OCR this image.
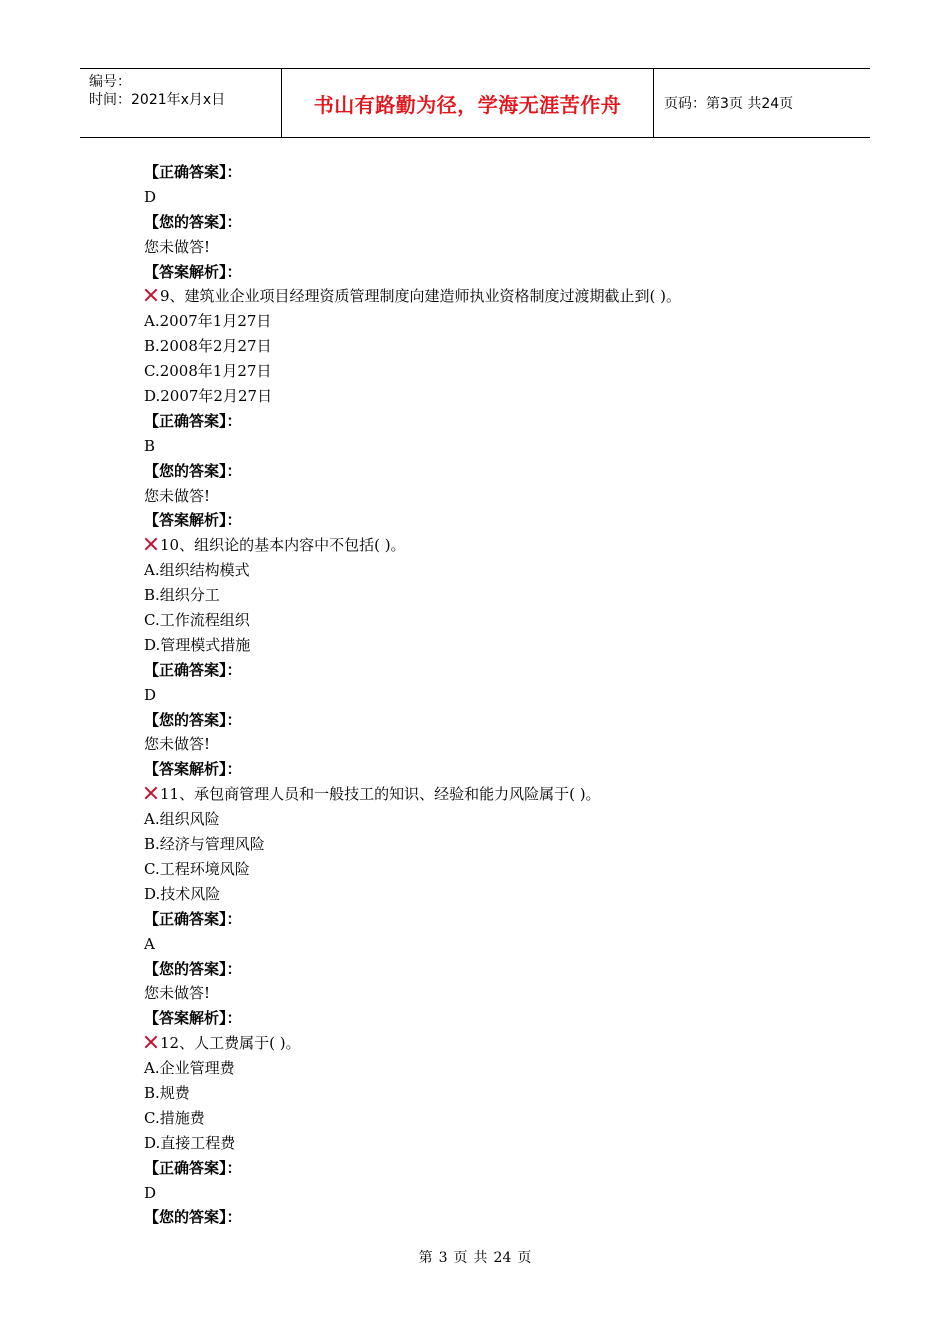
编号：
时间：2021年x月x日	书山有路勤为径，学海无涯苦作舟	页码：第3页 共24页
【正确答案】：
D
【您的答案】：
您未做答!
【答案解析】：
9、建筑业企业项目经理资质管理制度向建造师执业资格制度过渡期截止到( )。
A.2007年1月27日
B.2008年2月27日
C.2008年1月27日
D.2007年2月27日
【正确答案】：
B
【您的答案】：
您未做答!
【答案解析】：
10、组织论的基本内容中不包括( )。
A.组织结构模式
B.组织分工
C.工作流程组织
D.管理模式措施
【正确答案】：
D
【您的答案】：
您未做答!
【答案解析】：
11、承包商管理人员和一般技工的知识、经验和能力风险属于( )。
A.组织风险
B.经济与管理风险
C.工程环境风险
D.技术风险
【正确答案】：
A
【您的答案】：
您未做答!
【答案解析】：
12、人工费属于( )。
A.企业管理费
B.规费
C.措施费
D.直接工程费
【正确答案】：
D
【您的答案】：
第 3 页 共 24 页
